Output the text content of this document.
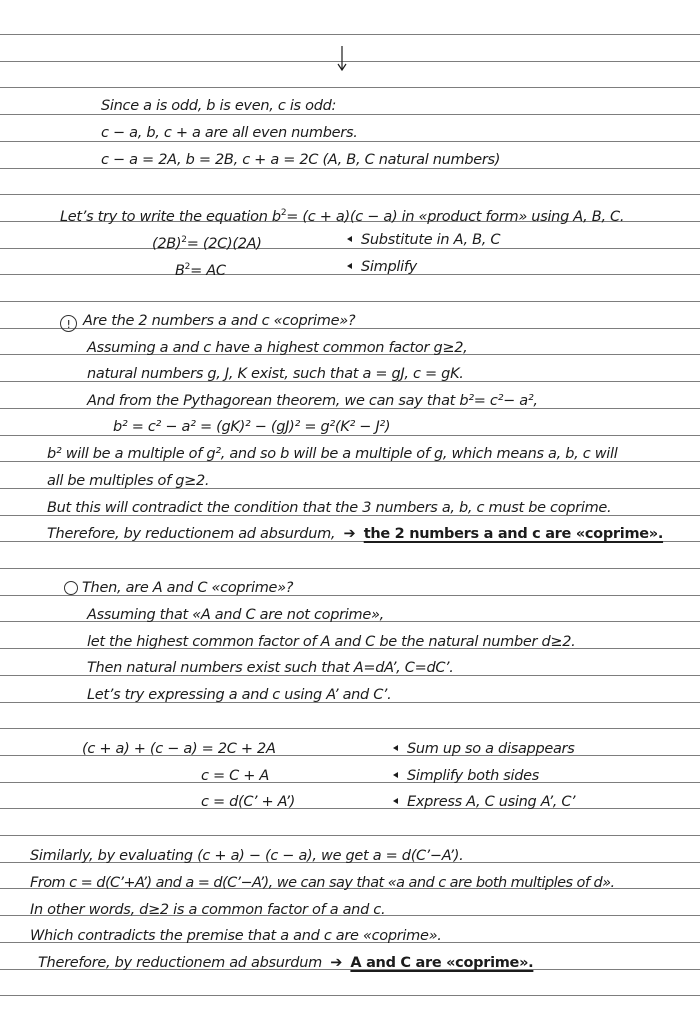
Since a is odd, b is even, c is odd:
c − a, b, c + a are all even numbers.
c − a = 2A, b = 2B, c + a = 2C (A, B, C natural numbers)
Let’s try to write the equation $b^2= (c + a)(c - a)$ in «product form» using A, B, C.
$(2B)^2= (2C)(2A)$	Substitute in A, B, C
$B^2=$ AC	Simplify
! Are the 2 numbers a and c «coprime»?
Assuming a and c have a highest common factor g≥2,
natural numbers g, J, K exist, such that a = gJ, c = gK.
And from the Pythagorean theorem, we can say that b²= c²− a²,
b² = c² − a² = (gK)² − (gJ)² = g²(K² − J²)
b² will be a multiple of g², and so b will be a multiple of g, which means a, b, c will
all be multiples of g≥2.
But this will contradict the condition that the 3 numbers a, b, c must be coprime.
Therefore, by reductionem ad absurdum, ➔ the 2 numbers a and c are «coprime».
Then, are A and C «coprime»?
Assuming that «A and C are not coprime»,
let the highest common factor of A and C be the natural number d≥2.
Then natural numbers exist such that A=dA’, C=dC’.
Let’s try expressing a and c using A’ and C’.
(c + a) + (c − a) = 2C + 2A	Sum up so a disappears
c = C + A	Simplify both sides
c = d(C’ + A’)	Express A, C using A’, C’
Similarly, by evaluating (c + a) − (c − a), we get a = d(C’−A’).
From c = d(C’+A’) and a = d(C’−A’), we can say that «a and c are both multiples of d».
In other words, d≥2 is a common factor of a and c.
Which contradicts the premise that a and c are «coprime».
Therefore, by reductionem ad absurdum ➔ A and C are «coprime».
